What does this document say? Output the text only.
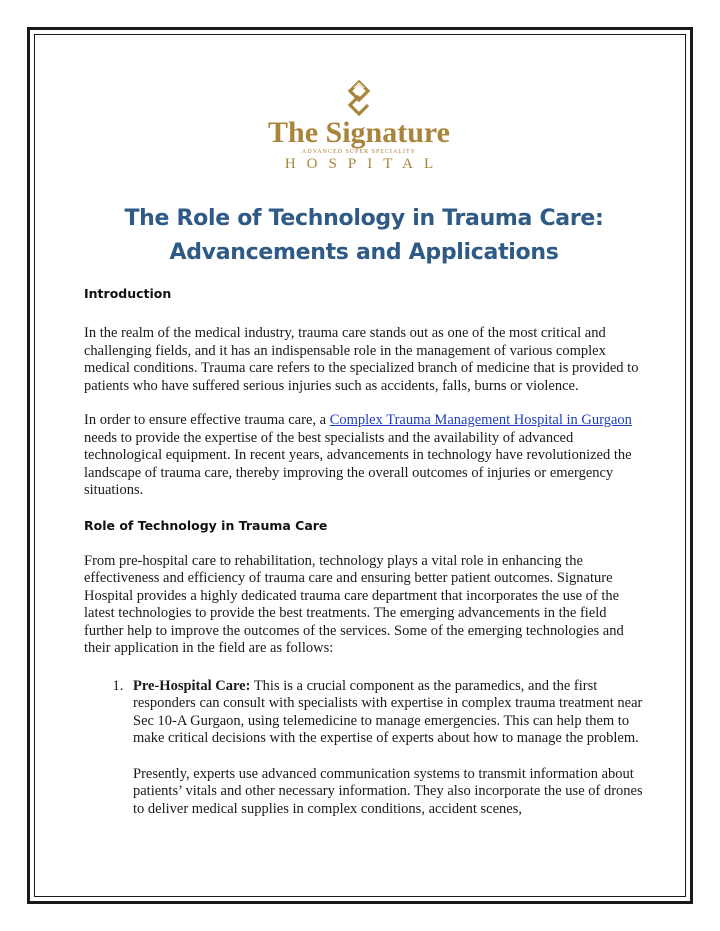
The Signature
ADVANCED SUPER SPECIALITY
HOSPITAL
The Role of Technology in Trauma Care:
Advancements and Applications
Introduction

In the realm of the medical industry, trauma care stands out as one of the most critical and challenging fields, and it has an indispensable role in the management of various complex medical conditions. Trauma care refers to the specialized branch of medicine that is provided to patients who have suffered serious injuries such as accidents, falls, burns or violence.

In order to ensure effective trauma care, a Complex Trauma Management Hospital in Gurgaon needs to provide the expertise of the best specialists and the availability of advanced technological equipment. In recent years, advancements in technology have revolutionized the landscape of trauma care, thereby improving the overall outcomes of injuries or emergency situations.

Role of Technology in Trauma Care

From pre-hospital care to rehabilitation, technology plays a vital role in enhancing the effectiveness and efficiency of trauma care and ensuring better patient outcomes. Signature Hospital provides a highly dedicated trauma care department that incorporates the use of the latest technologies to provide the best treatments. The emerging advancements in the field further help to improve the outcomes of the services. Some of the emerging technologies and their application in the field are as follows:

1. Pre-Hospital Care: This is a crucial component as the paramedics, and the first responders can consult with specialists with expertise in complex trauma treatment near Sec 10-A Gurgaon, using telemedicine to manage emergencies. This can help them to make critical decisions with the expertise of experts about how to manage the problem.

Presently, experts use advanced communication systems to transmit information about patients’ vitals and other necessary information. They also incorporate the use of drones to deliver medical supplies in complex conditions, accident scenes,
